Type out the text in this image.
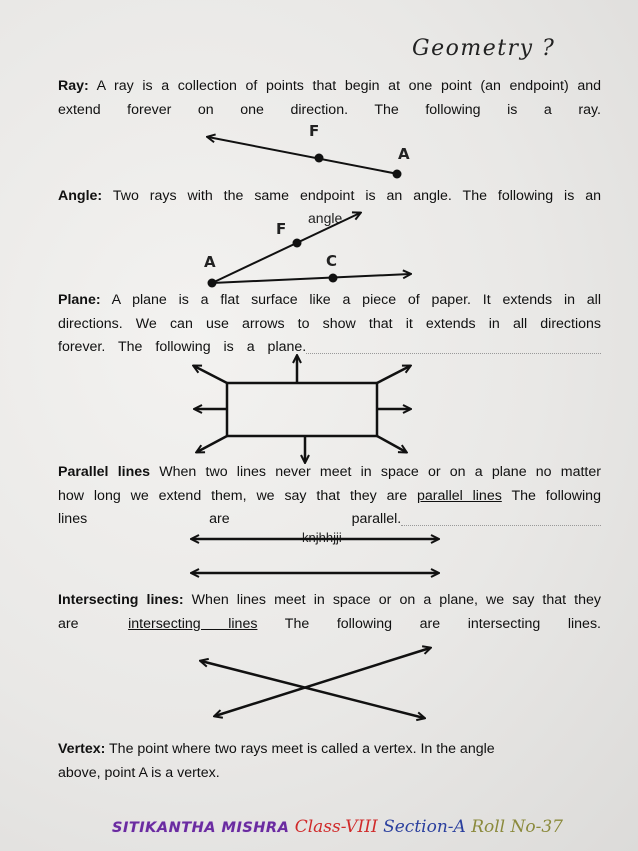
Geometry ?

Ray: A ray is a collection of points that begin at one point (an endpoint) and
extend forever on one direction. The following is a ray.

F
A

Angle: Two rays with the same endpoint is an angle. The following is an

angle
F
A	C

Plane: A plane is a flat surface like a piece of paper. It extends in all
directions. We can use arrows to show that it extends in all directions

forever. The following is a plane.

Parallel lines When two lines never meet in space or on a plane no matter
how long we extend them, we say that they are parallel lines The following

lines are parallel.
knjhhjji

Intersecting lines: When lines meet in space or on a plane, we say that they
are	intersecting lines The following are intersecting lines.

Vertex: The point where two rays meet is called a vertex. In the angle
above, point A is a vertex.

SITIKANTHA MISHRA Class-VIII Section-A Roll No-37
